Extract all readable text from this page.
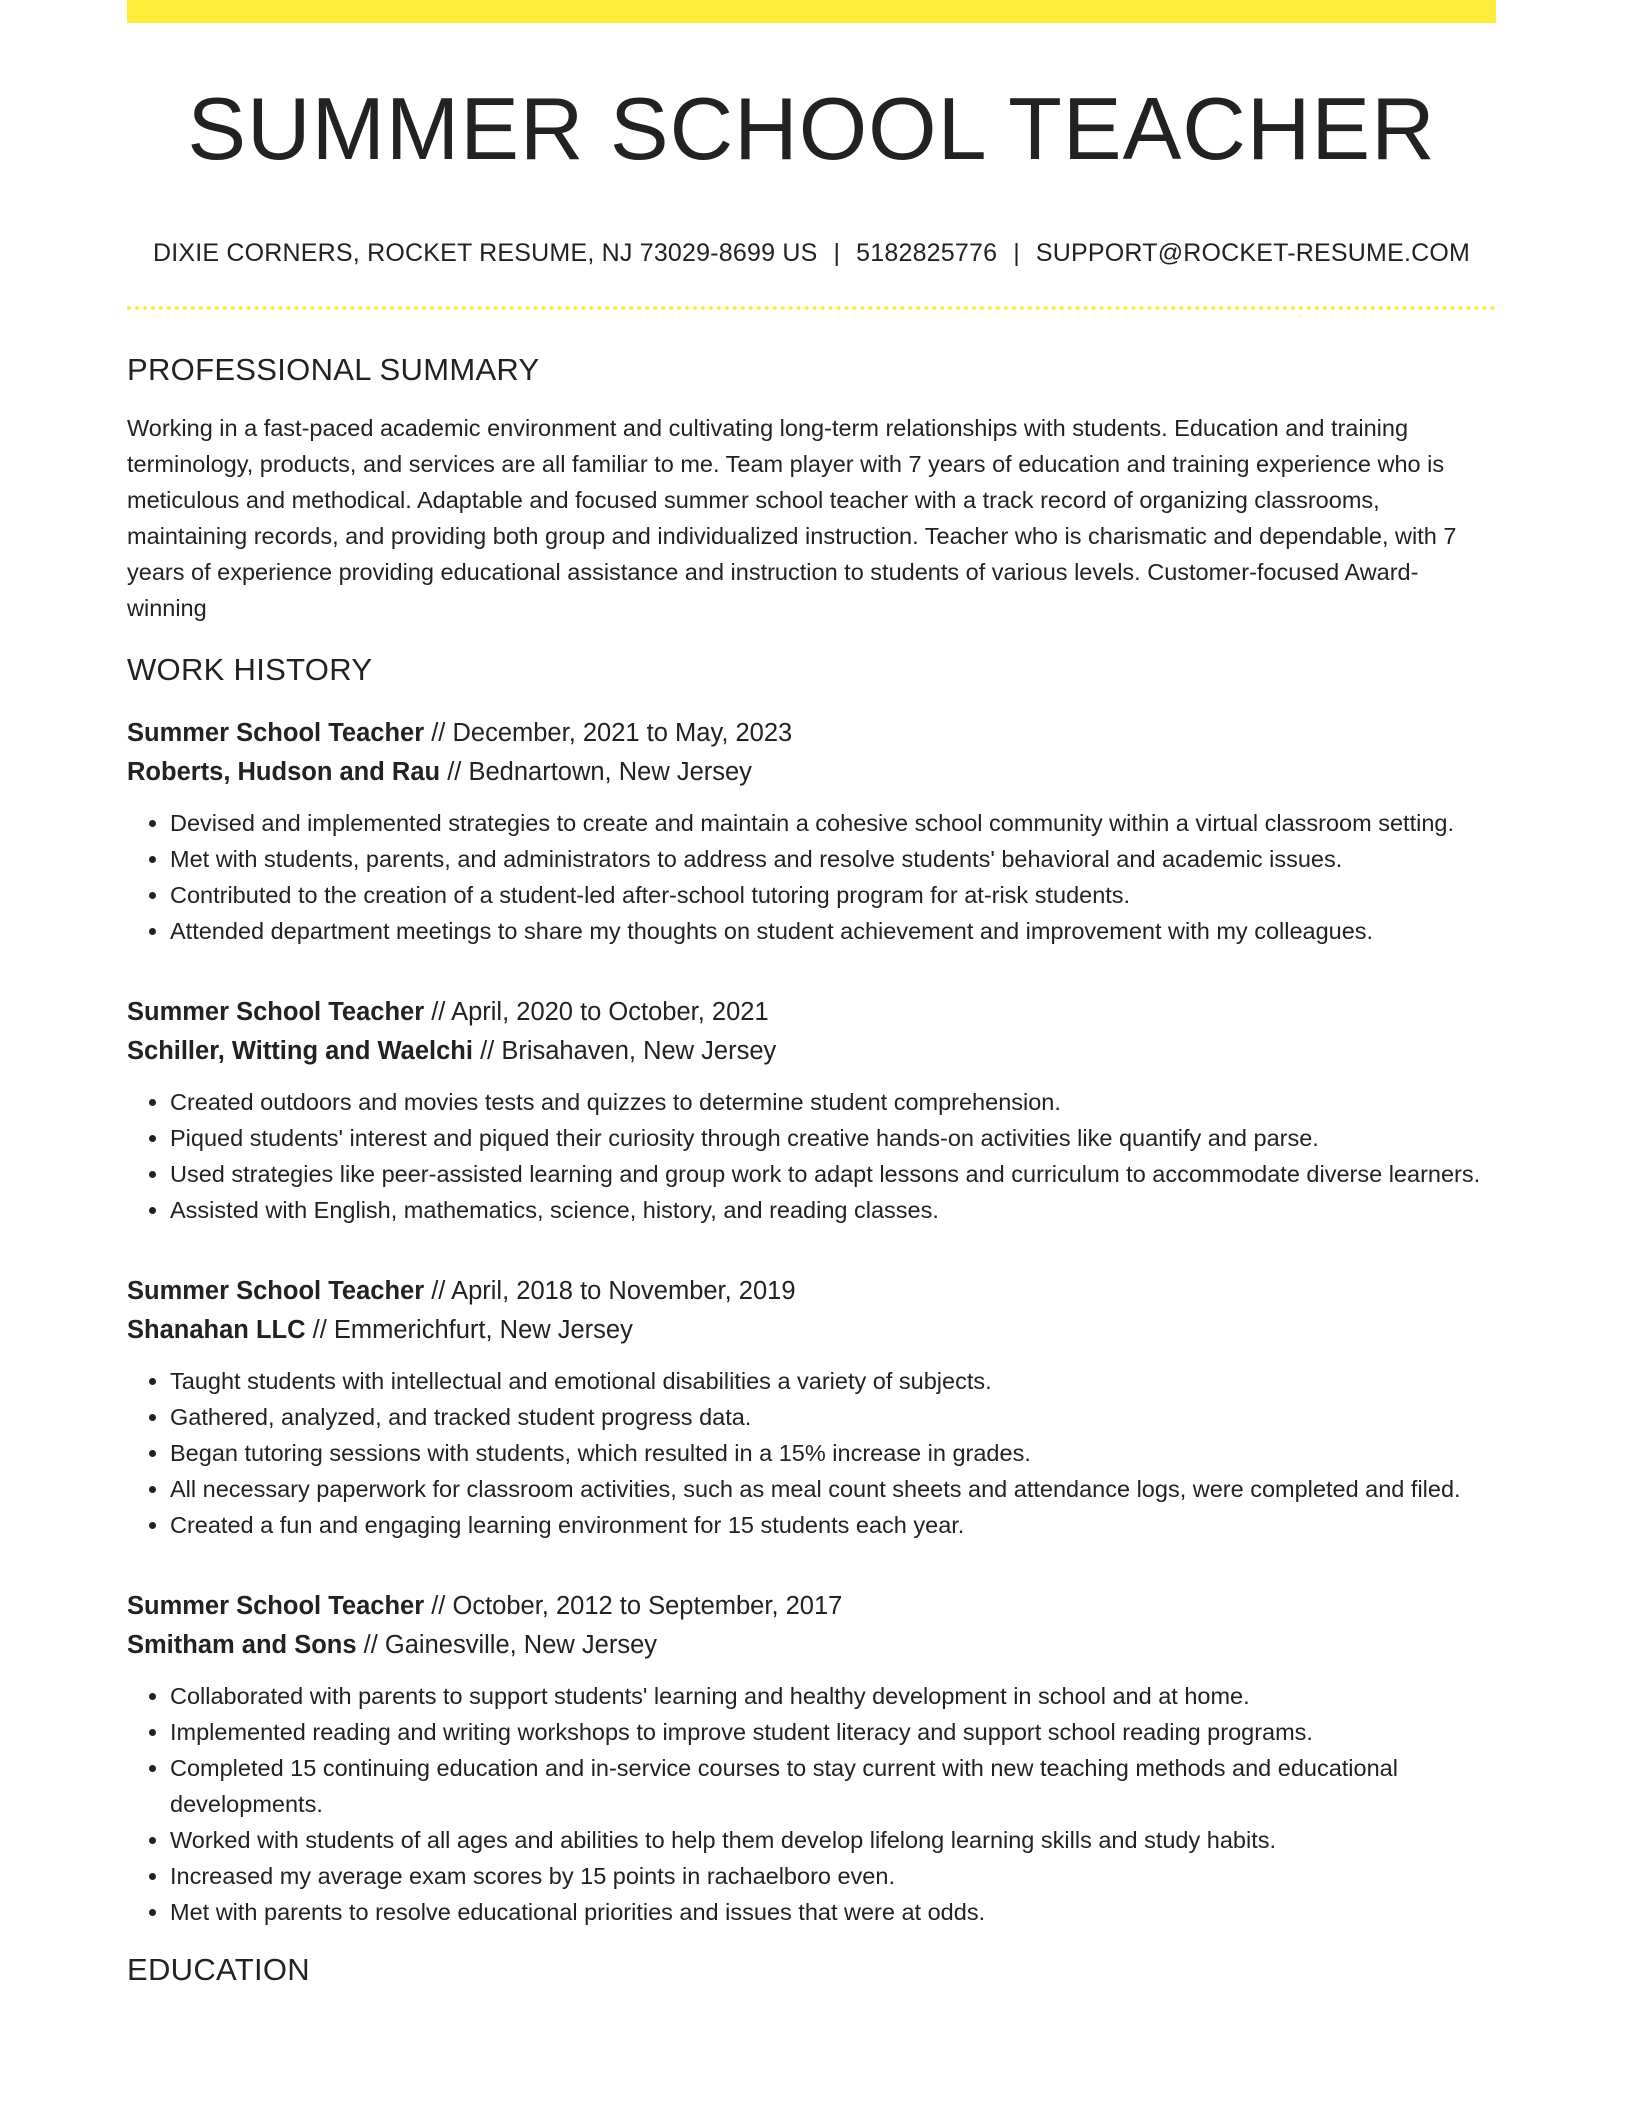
SUMMER SCHOOL TEACHER
DIXIE CORNERS, ROCKET RESUME, NJ 73029-8699 US | 5182825776 | SUPPORT@ROCKET-RESUME.COM
PROFESSIONAL SUMMARY

Working in a fast-paced academic environment and cultivating long-term relationships with students. Education and training terminology, products, and services are all familiar to me. Team player with 7 years of education and training experience who is meticulous and methodical. Adaptable and focused summer school teacher with a track record of organizing classrooms, maintaining records, and providing both group and individualized instruction. Teacher who is charismatic and dependable, with 7 years of experience providing educational assistance and instruction to students of various levels. Customer-focused Award-winning

WORK HISTORY
Summer School Teacher // December, 2021 to May, 2023
Roberts, Hudson and Rau // Bednartown, New Jersey
• Devised and implemented strategies to create and maintain a cohesive school community within a virtual classroom setting.
• Met with students, parents, and administrators to address and resolve students' behavioral and academic issues.
• Contributed to the creation of a student-led after-school tutoring program for at-risk students.
• Attended department meetings to share my thoughts on student achievement and improvement with my colleagues.
Summer School Teacher // April, 2020 to October, 2021
Schiller, Witting and Waelchi // Brisahaven, New Jersey
• Created outdoors and movies tests and quizzes to determine student comprehension.
• Piqued students' interest and piqued their curiosity through creative hands-on activities like quantify and parse.
• Used strategies like peer-assisted learning and group work to adapt lessons and curriculum to accommodate diverse learners.
• Assisted with English, mathematics, science, history, and reading classes.
Summer School Teacher // April, 2018 to November, 2019
Shanahan LLC // Emmerichfurt, New Jersey
• Taught students with intellectual and emotional disabilities a variety of subjects.
• Gathered, analyzed, and tracked student progress data.
• Began tutoring sessions with students, which resulted in a 15% increase in grades.
• All necessary paperwork for classroom activities, such as meal count sheets and attendance logs, were completed and filed.
• Created a fun and engaging learning environment for 15 students each year.
Summer School Teacher // October, 2012 to September, 2017
Smitham and Sons // Gainesville, New Jersey
• Collaborated with parents to support students' learning and healthy development in school and at home.
• Implemented reading and writing workshops to improve student literacy and support school reading programs.
• Completed 15 continuing education and in-service courses to stay current with new teaching methods and educational developments.
• Worked with students of all ages and abilities to help them develop lifelong learning skills and study habits.
• Increased my average exam scores by 15 points in rachaelboro even.
• Met with parents to resolve educational priorities and issues that were at odds.
EDUCATION
